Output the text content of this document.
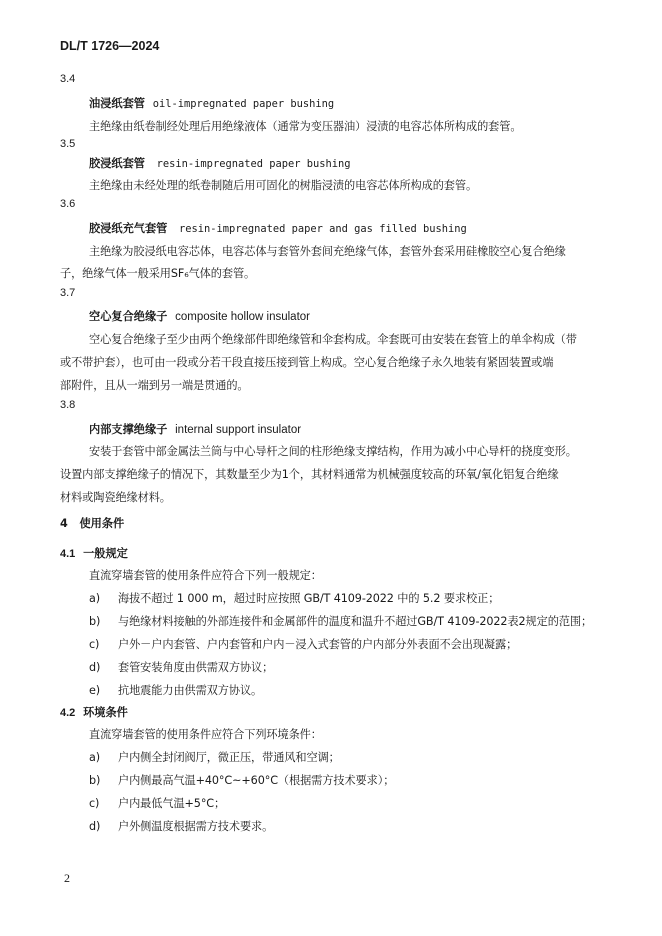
DL/T 1726—2024
3.4
油浸纸套管 oil-impregnated paper bushing
主绝缘由纸卷制经处理后用绝缘液体（通常为变压器油）浸渍的电容芯体所构成的套管。
3.5
胶浸纸套管 resin-impregnated paper bushing
主绝缘由未经处理的纸卷制随后用可固化的树脂浸渍的电容芯体所构成的套管。
3.6
胶浸纸充气套管 resin-impregnated paper and gas filled bushing
主绝缘为胶浸纸电容芯体，电容芯体与套管外套间充绝缘气体，套管外套采用硅橡胶空心复合绝缘
子，绝缘气体一般采用SF₆气体的套管。
3.7
空心复合绝缘子 composite hollow insulator
空心复合绝缘子至少由两个绝缘部件即绝缘管和伞套构成。伞套既可由安装在套管上的单伞构成（带
或不带护套），也可由一段或分若干段直接压接到管上构成。空心复合绝缘子永久地装有紧固装置或端
部附件，且从一端到另一端是贯通的。
3.8
内部支撑绝缘子 internal support insulator
安装于套管中部金属法兰筒与中心导杆之间的柱形绝缘支撑结构，作用为减小中心导杆的挠度变形。
设置内部支撑绝缘子的情况下，其数量至少为1个，其材料通常为机械强度较高的环氧/氧化铝复合绝缘
材料或陶瓷绝缘材料。
4 使用条件
4.1 一般规定
直流穿墙套管的使用条件应符合下列一般规定：
a) 海拔不超过 1 000 m，超过时应按照 GB/T 4109-2022 中的 5.2 要求校正；
b) 与绝缘材料接触的外部连接件和金属部件的温度和温升不超过GB/T 4109-2022表2规定的范围；
c) 户外－户内套管、户内套管和户内－浸入式套管的户内部分外表面不会出现凝露；
d) 套管安装角度由供需双方协议；
e) 抗地震能力由供需双方协议。
4.2 环境条件
直流穿墙套管的使用条件应符合下列环境条件：
a) 户内侧全封闭阀厅，微正压，带通风和空调；
b) 户内侧最高气温+40°C~+60°C（根据需方技术要求）；
c) 户内最低气温+5°C；
d) 户外侧温度根据需方技术要求。
2
